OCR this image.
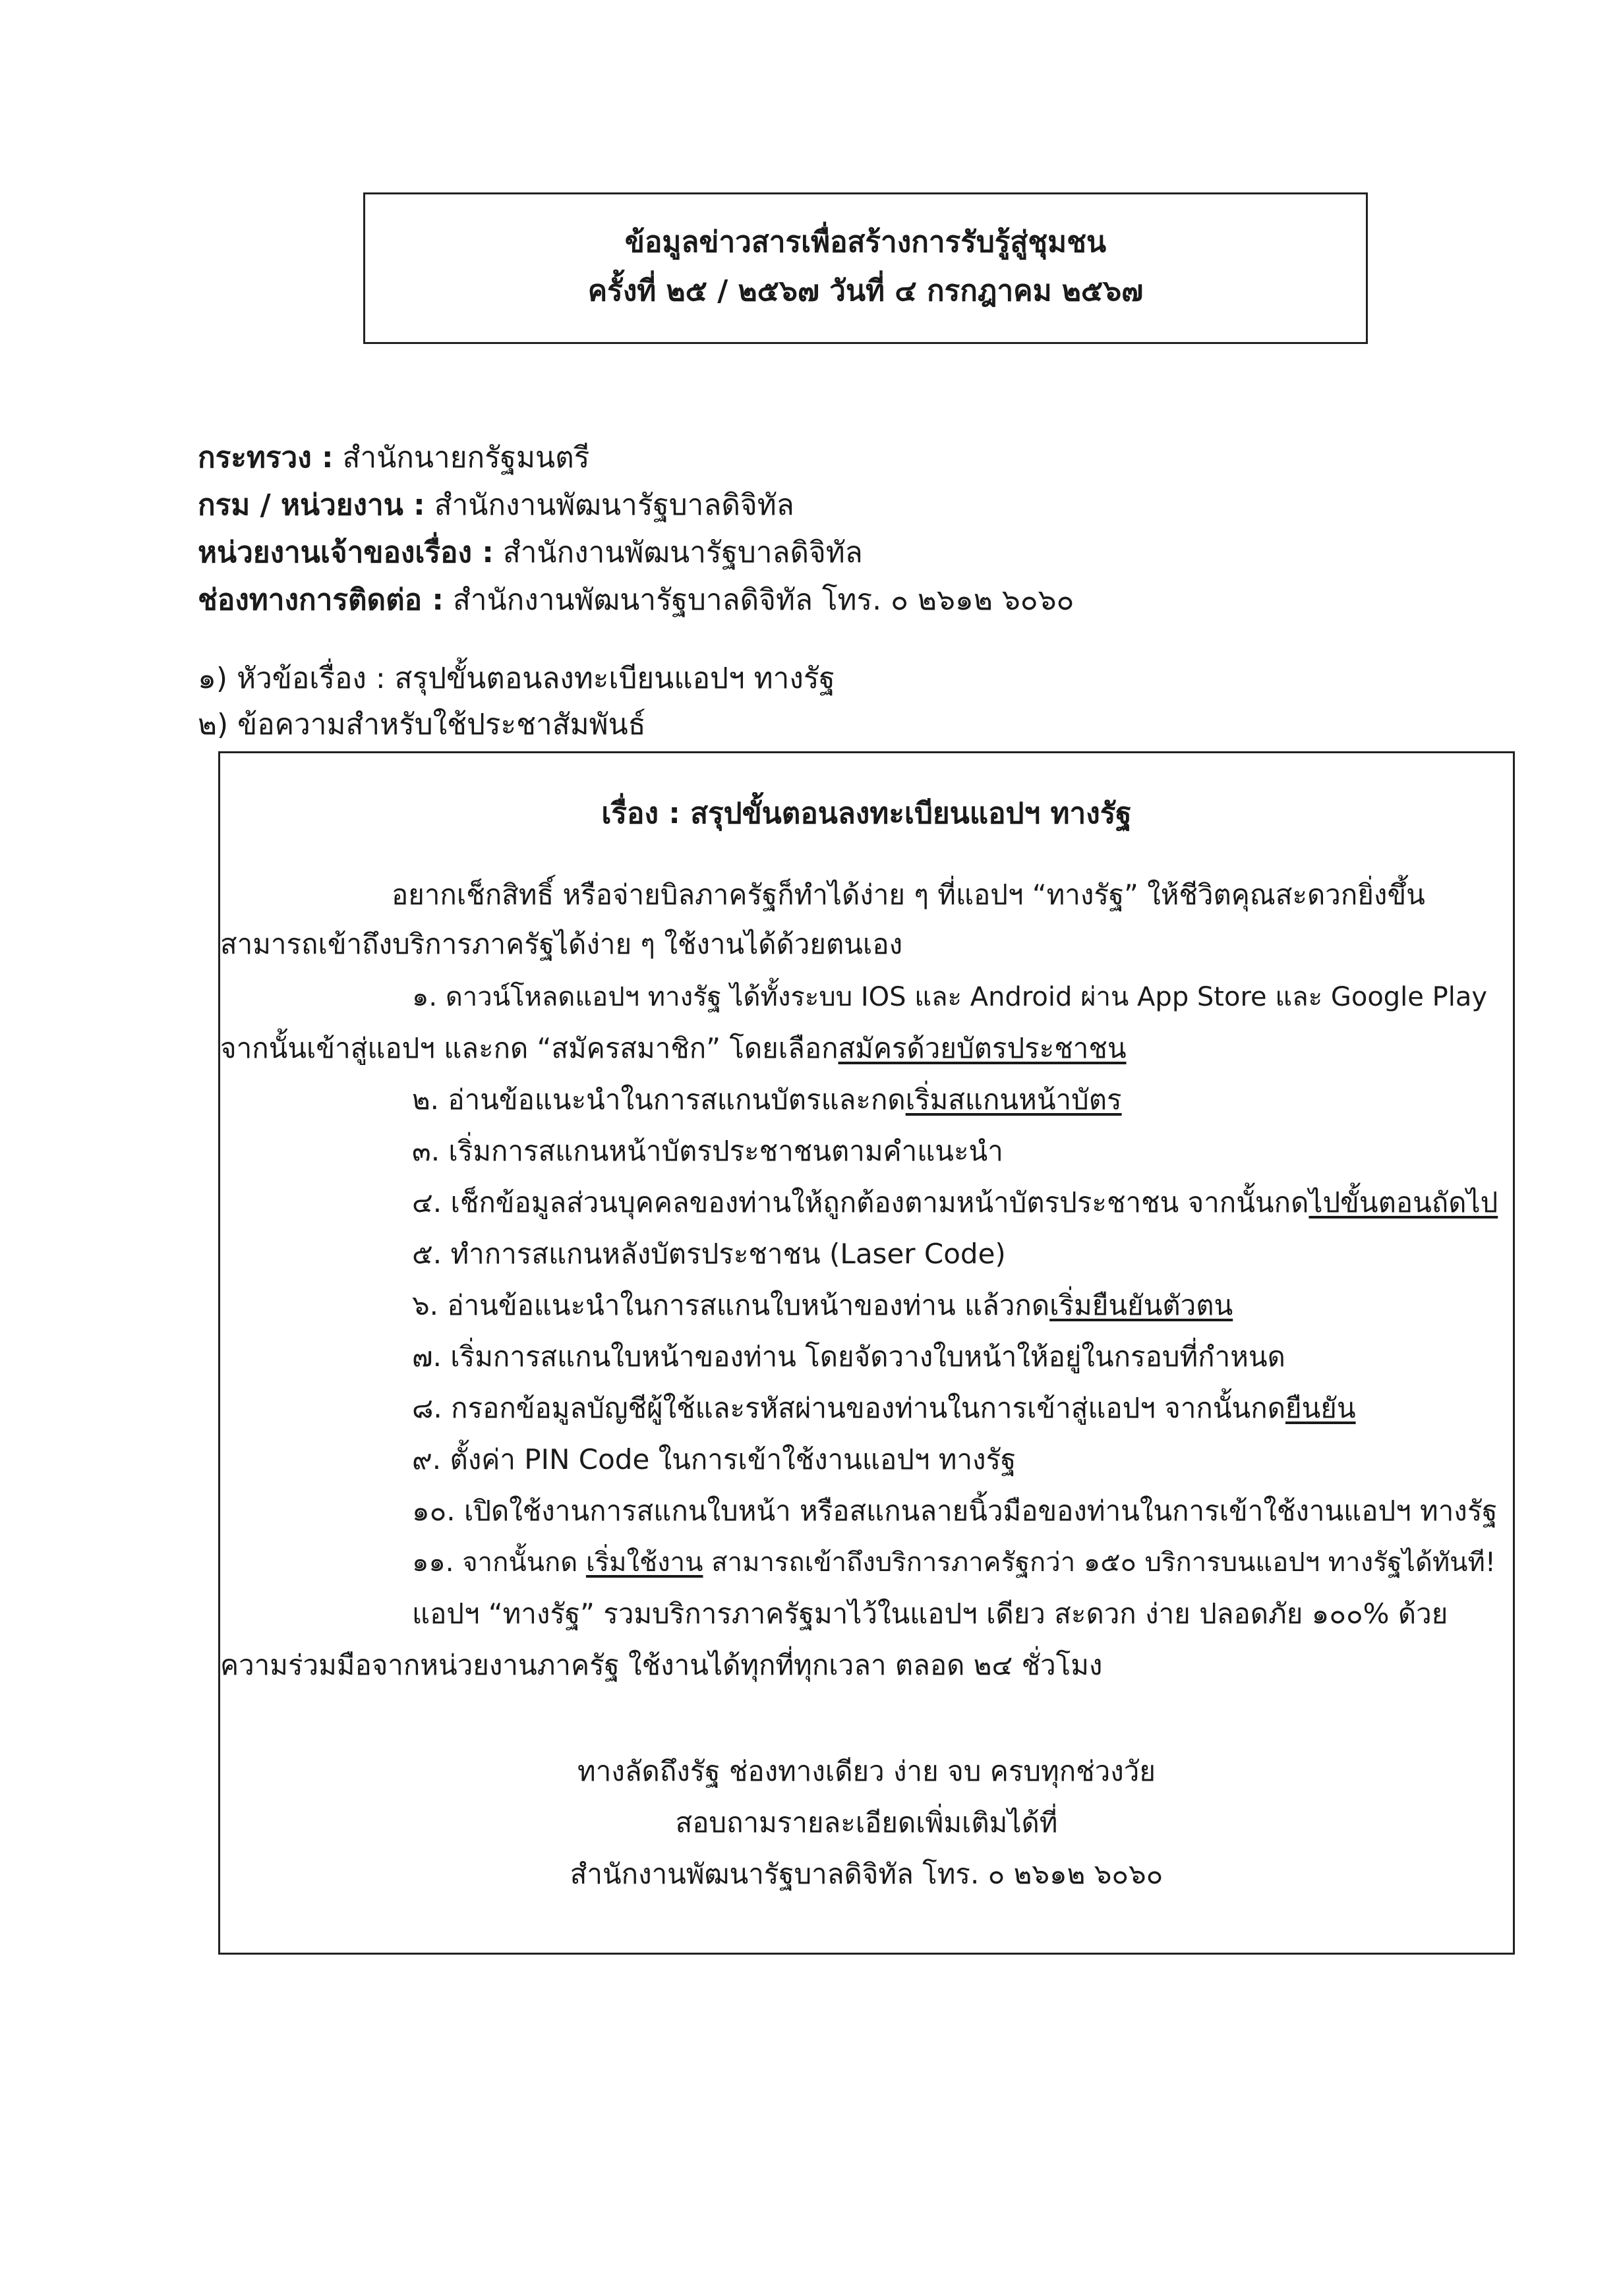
ข้อมูลข่าวสารเพื่อสร้างการรับรู้สู่ชุมชน
ครั้งที่ ๒๕ / ๒๕๖๗ วันที่ ๔ กรกฎาคม ๒๕๖๗
กระทรวง : สำนักนายกรัฐมนตรี
กรม / หน่วยงาน : สำนักงานพัฒนารัฐบาลดิจิทัล
หน่วยงานเจ้าของเรื่อง : สำนักงานพัฒนารัฐบาลดิจิทัล
ช่องทางการติดต่อ : สำนักงานพัฒนารัฐบาลดิจิทัล โทร. ๐ ๒๖๑๒ ๖๐๖๐
๑) หัวข้อเรื่อง : สรุปขั้นตอนลงทะเบียนแอปฯ ทางรัฐ
๒) ข้อความสำหรับใช้ประชาสัมพันธ์
เรื่อง : สรุปขั้นตอนลงทะเบียนแอปฯ ทางรัฐ
อยากเช็กสิทธิ์ หรือจ่ายบิลภาครัฐก็ทำได้ง่าย ๆ ที่แอปฯ “ทางรัฐ” ให้ชีวิตคุณสะดวกยิ่งขึ้น
สามารถเข้าถึงบริการภาครัฐได้ง่าย ๆ ใช้งานได้ด้วยตนเอง
๑. ดาวน์โหลดแอปฯ ทางรัฐ ได้ทั้งระบบ IOS และ Android ผ่าน App Store และ Google Play
จากนั้นเข้าสู่แอปฯ และกด “สมัครสมาชิก” โดยเลือกสมัครด้วยบัตรประชาชน
๒. อ่านข้อแนะนำในการสแกนบัตรและกดเริ่มสแกนหน้าบัตร
๓. เริ่มการสแกนหน้าบัตรประชาชนตามคำแนะนำ
๔. เช็กข้อมูลส่วนบุคคลของท่านให้ถูกต้องตามหน้าบัตรประชาชน จากนั้นกดไปขั้นตอนถัดไป
๕. ทำการสแกนหลังบัตรประชาชน (Laser Code)
๖. อ่านข้อแนะนำในการสแกนใบหน้าของท่าน แล้วกดเริ่มยืนยันตัวตน
๗. เริ่มการสแกนใบหน้าของท่าน โดยจัดวางใบหน้าให้อยู่ในกรอบที่กำหนด
๘. กรอกข้อมูลบัญชีผู้ใช้และรหัสผ่านของท่านในการเข้าสู่แอปฯ จากนั้นกดยืนยัน
๙. ตั้งค่า PIN Code ในการเข้าใช้งานแอปฯ ทางรัฐ
๑๐. เปิดใช้งานการสแกนใบหน้า หรือสแกนลายนิ้วมือของท่านในการเข้าใช้งานแอปฯ ทางรัฐ
๑๑. จากนั้นกด เริ่มใช้งาน สามารถเข้าถึงบริการภาครัฐกว่า ๑๕๐ บริการบนแอปฯ ทางรัฐได้ทันที!
แอปฯ “ทางรัฐ” รวมบริการภาครัฐมาไว้ในแอปฯ เดียว สะดวก ง่าย ปลอดภัย ๑๐๐% ด้วย
ความร่วมมือจากหน่วยงานภาครัฐ ใช้งานได้ทุกที่ทุกเวลา ตลอด ๒๔ ชั่วโมง
ทางลัดถึงรัฐ ช่องทางเดียว ง่าย จบ ครบทุกช่วงวัย
สอบถามรายละเอียดเพิ่มเติมได้ที่
สำนักงานพัฒนารัฐบาลดิจิทัล โทร. ๐ ๒๖๑๒ ๖๐๖๐
